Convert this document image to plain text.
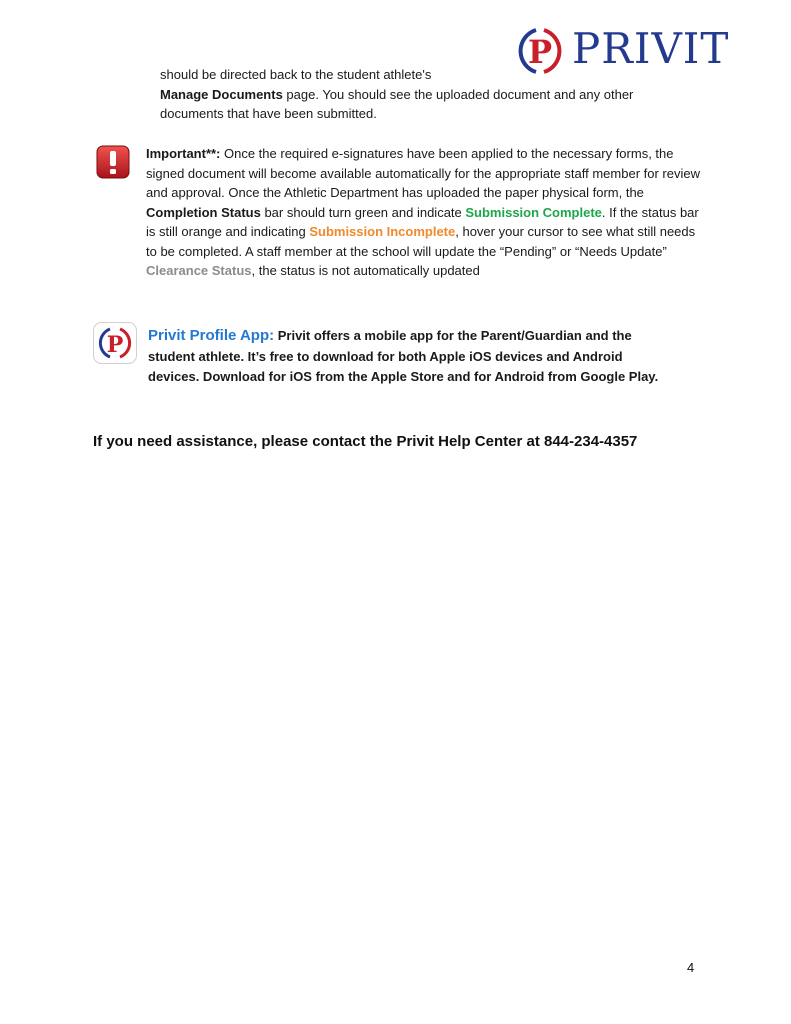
P PRIVIT
should be directed back to the student athlete's
Manage Documents page. You should see the uploaded document and any other documents that have been submitted.
Important**: Once the required e-signatures have been applied to the necessary forms, the signed document will become available automatically for the appropriate staff member for review and approval. Once the Athletic Department has uploaded the paper physical form, the Completion Status bar should turn green and indicate Submission Complete. If the status bar is still orange and indicating Submission Incomplete, hover your cursor to see what still needs to be completed. A staff member at the school will update the “Pending” or “Needs Update” Clearance Status, the status is not automatically updated
P	Privit Profile App: Privit offers a mobile app for the Parent/Guardian and the
student athlete. It’s free to download for both Apple iOS devices and Android devices. Download for iOS from the Apple Store and for Android from Google Play.
If you need assistance, please contact the Privit Help Center at 844-234-4357
4
